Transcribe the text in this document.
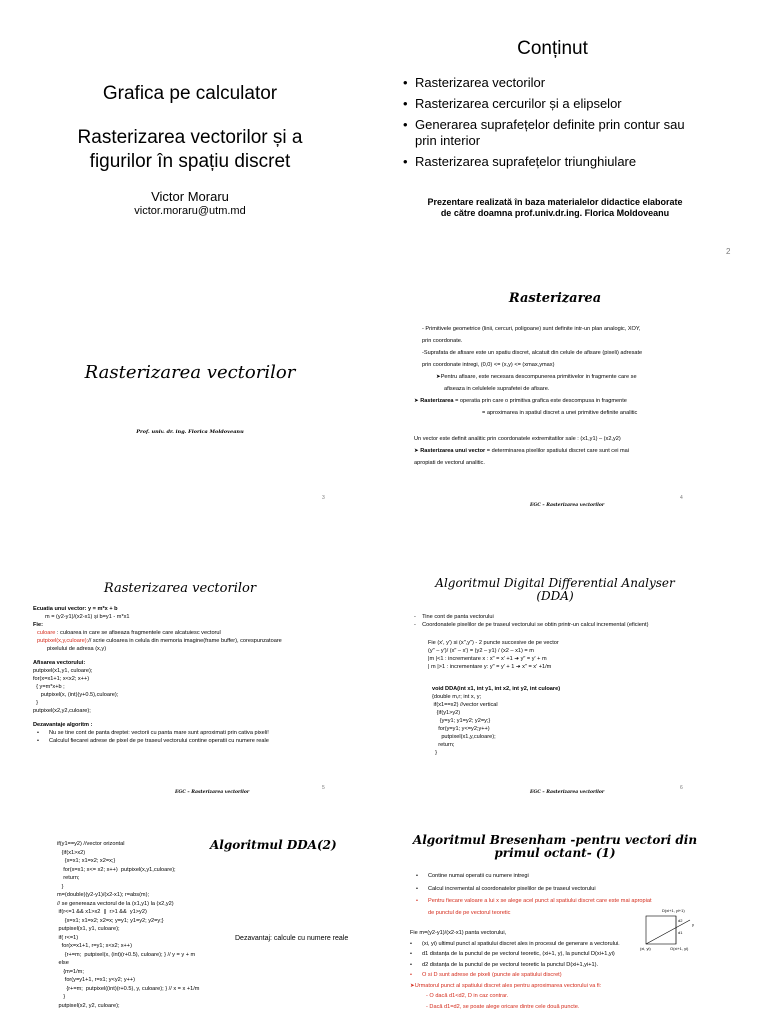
Grafica pe calculator
Rasterizarea vectorilor și a
figurilor în spațiu discret
Victor Moraru
victor.moraru@utm.md
Conținut
• Rasterizarea vectorilor
• Rasterizarea cercurilor și a elipselor
• Generarea suprafețelor definite prin contur sau prin interior
• Rasterizarea suprafețelor triunghiulare
Prezentare realizată în baza materialelor didactice elaborate
de către doamna prof.univ.dr.ing. Florica Moldoveanu
2
Rasterizarea vectorilor
Prof. univ. dr. ing. Florica Moldoveanu
3
Rasterizarea
- Primitivele geometrice (linii, cercuri, poligoane) sunt definite intr-un plan analogic, XOY,
prin coordonate.
-Suprafata de afisare este un spatiu discret, alcatuit din celule de afisare (pixeli) adresate
prin coordonate intregi, (0,0) <= (x,y) <= (xmax,ymax)
➤ Pentru afisare, este necesara descompunerea primitivelor in fragmente care se
afiseaza in celulelele suprafetei de afisare.
➤ Rasterizarea = operatia prin care o primitiva grafica este descompusa in fragmente
= aproximarea in spatiul discret a unei primitive definite analitic
Un vector este definit analitic prin coordonatele extremitatilor sale : (x1,y1) – (x2,y2)
➤ Rasterizarea unui vector = determinarea pixelilor spatiului discret care sunt cei mai
apropiati de vectorul analitic.
EGC – Rasterizarea vectorilor
4
Rasterizarea vectorilor
Ecuatia unui vector: y = m*x + b
m = (y2-y1)/(x2-x1) și b=y1 - m*x1
Fie:
culoare : culoarea in care se afiseaza fragmentele care alcatuiesc vectorul
putpixel(x,y,culoare);// scrie culoarea in celula din memoria imagine(frame buffer), corespunzatoare
pixelului de adresa (x,y)
Afisarea vectorului:
putpixel(x1,y1, culoare);
for(x=x1+1; x<x2; x++)
{ y=m*x+b ;
putpixel(x, (int)(y+0.5),culoare);
}
putpixel(x2,y2,culoare);
Dezavantaje algoritm :
• Nu se tine cont de panta dreptei: vectorii cu panta mare sunt aproximati prin cativa pixeli!
• Calculul fiecarei adrese de pixel de pe traseul vectorului contine operatii cu numere reale
EGC – Rasterizarea vectorilor
5
Algoritmul Digital Differential Analyser
(DDA)
-    Tine cont de panta vectorului
-    Coordonatele pixelilor de pe traseul vectorului se obtin printr-un calcul incremental (eficient)
Fie (x', y') si (x",y") - 2 puncte succesive de pe vector
(y" – y')/ (x" – x') = (y2 – y1) / (x2 – x1) = m
|m |<1 : incrementare x : x" = x' +1 ➔ y" = y' + m
| m |>1 : incrementare y: y" = y' + 1 ➔ x" = x' +1/m
void DDA(int x1, int y1, int x2, int y2, int culoare)
{double m,r; int x, y;
if(x1==x2) //vector vertical
{if(y1>y2)
{y=y1; y1=y2; y2=y;}
for(y=y1; y<=y2;y++)
putpixel(x1,y,culoare);
return;
}
EGC – Rasterizarea vectorilor
6
Algoritmul DDA(2)
if(y1==y2) //vector orizontal
{if(x1>x2)
{x=x1; x1=x2; x2=x;}
for(x=x1; x<= x2; x++)  putpixel(x,y1,culoare);
return;
}
m=(double)(y2-y1)/(x2-x1); r=abs(m);
// se genereaza vectorul de la (x1,y1) la (x2,y2)
if(r<=1 && x1>x2  ||  r>1 &&  y1>y2)
{x=x1; x1=x2; x2=x; y=y1; y1=y2; y2=y;}
putpixel(x1, y1, culoare);
if( r<=1)
for(x=x1+1, r=y1; x<x2; x++)
{r+=m;  putpixel(x, (int)(r+0.5), culoare); } // y = y + m
else
{m=1/m;
for(y=y1+1, r=x1; y<y2; y++)
{r+=m;  putpixel((int)(r+0.5), y, culoare); } // x = x +1/m
}
putpixel(x2, y2, culoare);
Dezavantaj: calcule cu numere reale
Algoritmul Bresenham -pentru vectori din
primul octant- (1)
• Contine numai operatii cu numere intregi
• Calcul incremental al coordonatelor pixelilor de pe traseul vectorului
• Pentru fiecare valoare a lui x se alege acel punct al spatiului discret care este mai apropiat
de punctul de pe vectorul teoretic
Fie m=(y2-y1)/(x2-x1) panta vectorului,
• (xi, yi) ultimul punct al spatiului discret ales in procesul de generare a vectorului.
• d1 distanța de la punctul de pe vectorul teoretic, (xi+1, y), la punctul D(xi+1,yi)
• d2 distanța de la punctul de pe vectorul teoretic la punctul D(xi+1,yi+1).
• O si D sunt adrese de pixeli (puncte ale spatiului discret)
➤ Urmatorul punct al spatiului discret ales pentru aproximarea vectorului va fi:
- O dacă d1<d2, D in caz contrar.
- Dacă d1=d2, se poate alege oricare dintre cele două puncte.
D(xi+1, yi+1)
(xi, yi)	O(xi+1, yi)
d2
d1
y
